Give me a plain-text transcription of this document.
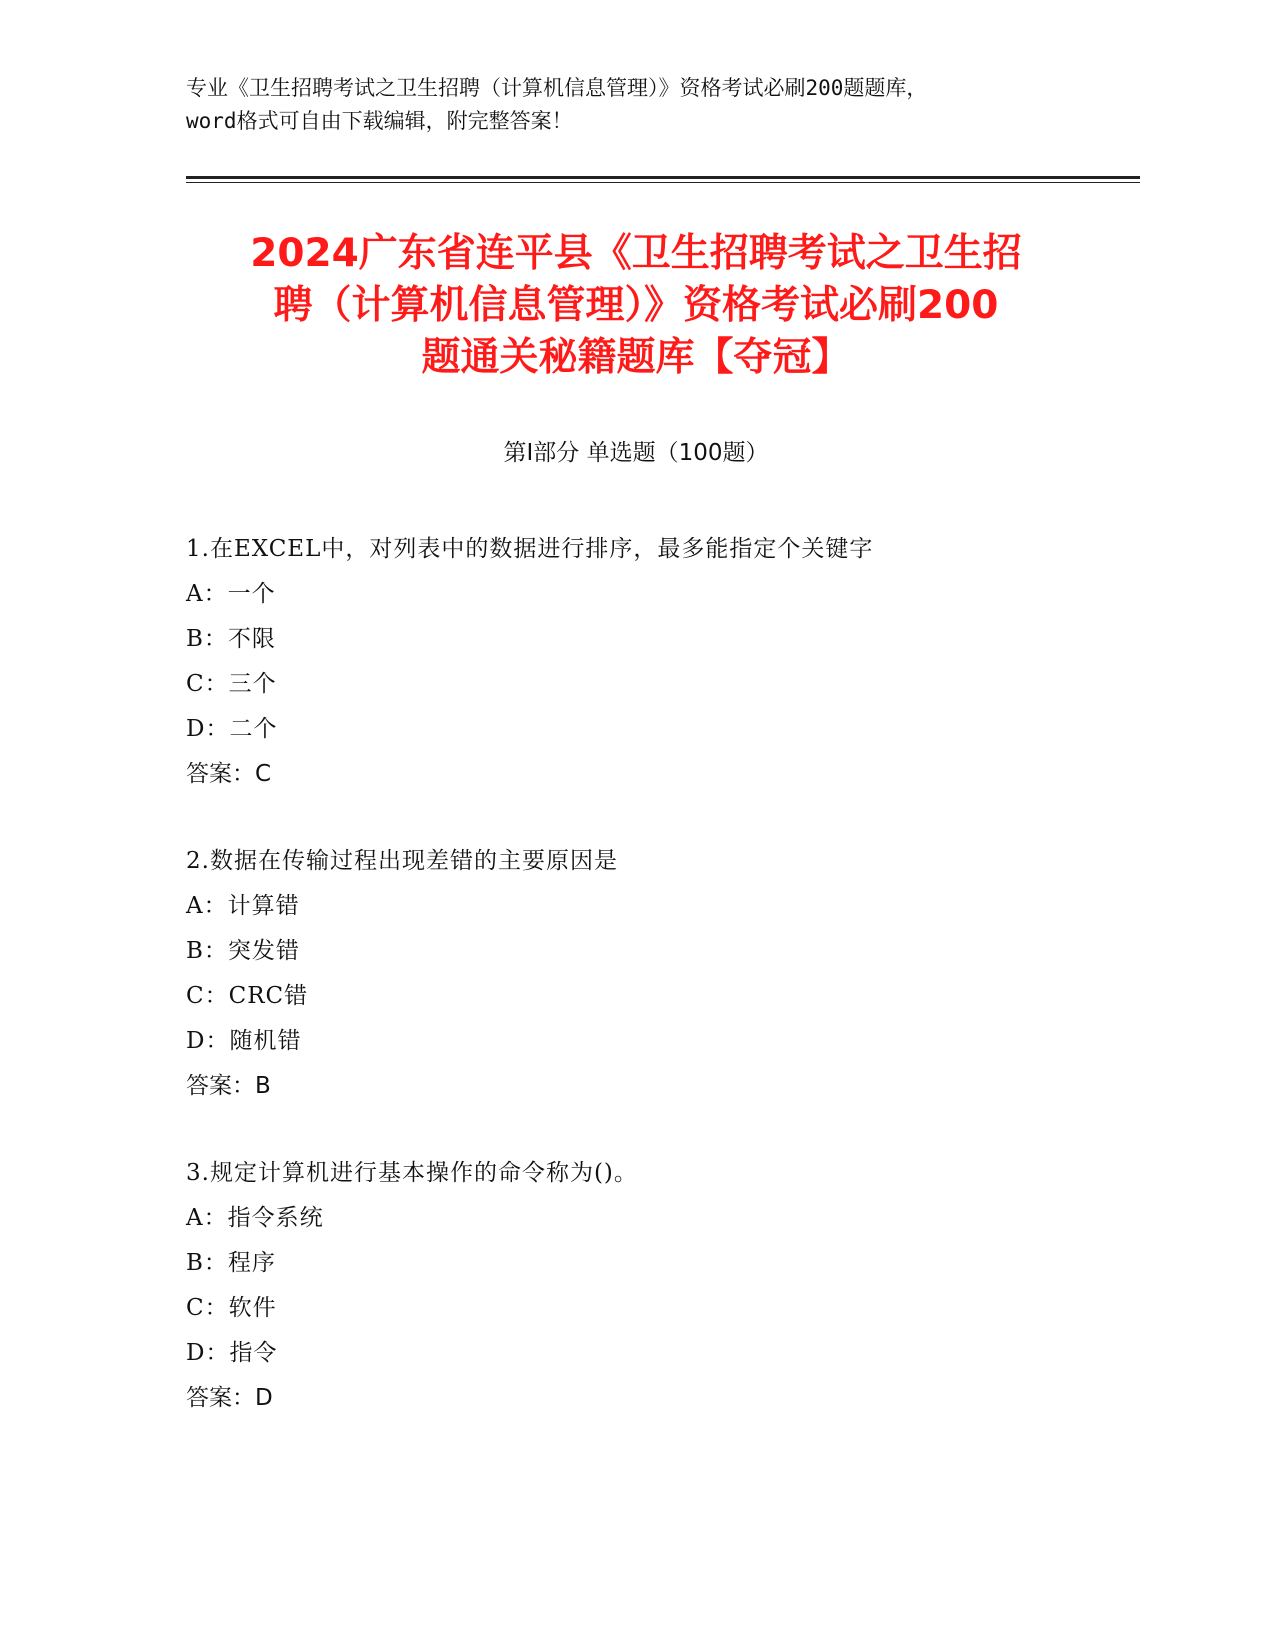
专业《卫生招聘考试之卫生招聘（计算机信息管理）》资格考试必刷200题题库，
word格式可自由下载编辑，附完整答案！
2024广东省连平县《卫生招聘考试之卫生招
聘（计算机信息管理）》资格考试必刷200
题通关秘籍题库【夺冠】
第Ⅰ部分 单选题（100题）
1.在EXCEL中，对列表中的数据进行排序，最多能指定个关键字
A：一个
B：不限
C：三个
D：二个
答案：C
2.数据在传输过程出现差错的主要原因是
A：计算错
B：突发错
C：CRC错
D：随机错
答案：B
3.规定计算机进行基本操作的命令称为()。
A：指令系统
B：程序
C：软件
D：指令
答案：D
